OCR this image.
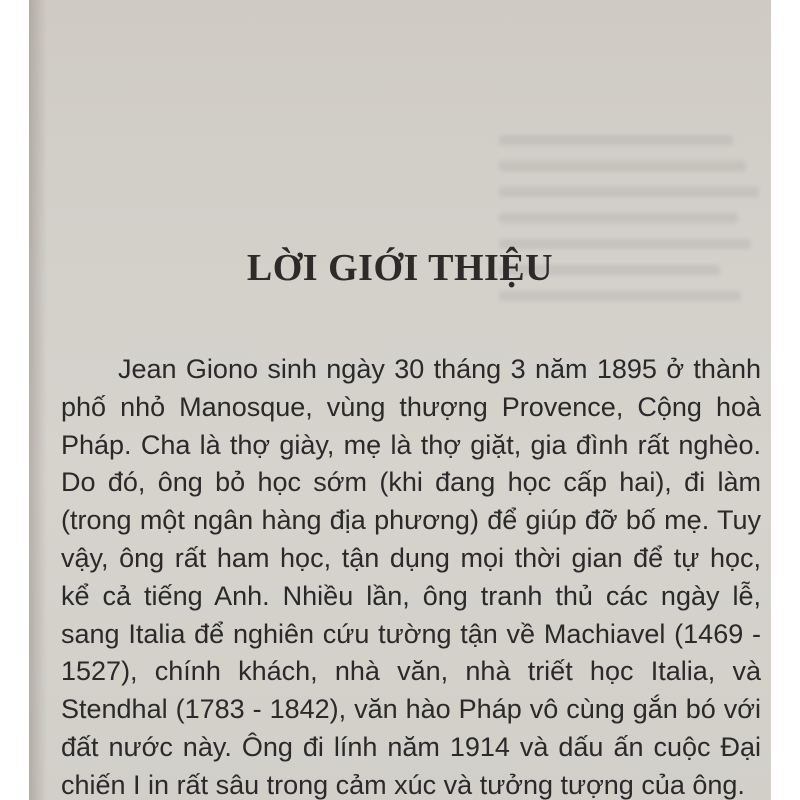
LỜI GIỚI THIỆU
Jean Giono sinh ngày 30 tháng 3 năm 1895 ở thành
phố nhỏ Manosque, vùng thượng Provence, Cộng hoà
Pháp. Cha là thợ giày, mẹ là thợ giặt, gia đình rất nghèo.
Do đó, ông bỏ học sớm (khi đang học cấp hai), đi làm
(trong một ngân hàng địa phương) để giúp đỡ bố mẹ. Tuy
vậy, ông rất ham học, tận dụng mọi thời gian để tự học,
kể cả tiếng Anh. Nhiều lần, ông tranh thủ các ngày lễ,
sang Italia để nghiên cứu tường tận về Machiavel (1469 -
1527), chính khách, nhà văn, nhà triết học Italia, và
Stendhal (1783 - 1842), văn hào Pháp vô cùng gắn bó với
đất nước này. Ông đi lính năm 1914 và dấu ấn cuộc Đại
chiến I in rất sâu trong cảm xúc và tưởng tượng của ông.
